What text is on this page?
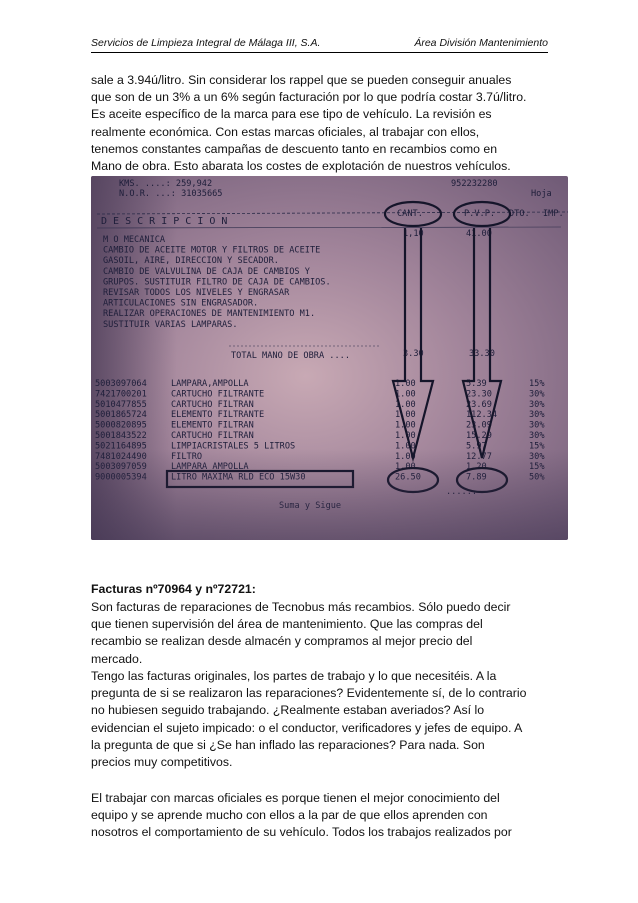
Servicios de Limpieza Integral de Málaga III, S.A.	Área División Mantenimiento
sale a 3.94ú/litro. Sin considerar los rappel que se pueden conseguir anuales
que son de un 3% a un 6% según facturación por lo que podría costar 3.7ú/litro.
Es aceite específico de la marca para ese tipo de vehículo. La revisión es
realmente económica. Con estas marcas oficiales, al trabajar con ellos,
tenemos constantes campañas de descuento tanto en recambios como en
Mano de obra. Esto abarata los costes de explotación de nuestros vehículos.

Facturas nº70964 y nº72721:

Son facturas de reparaciones de Tecnobus más recambios. Sólo puedo decir
que tienen supervisión del área de mantenimiento. Que las compras del
recambio se realizan desde almacén y compramos al mejor precio del
mercado.
Tengo las facturas originales, los partes de trabajo y lo que necesitéis. A la
pregunta de si se realizaron las reparaciones? Evidentemente sí, de lo contrario
no hubiesen seguido trabajando. ¿Realmente estaban averiados? Así lo
evidencian el sujeto impicado: o el conductor, verificadores y jefes de equipo. A
la pregunta de que si ¿Se han inflado las reparaciones? Para nada. Son
precios muy competitivos.
El trabajar con marcas oficiales es porque tienen el mejor conocimiento del
equipo y se aprende mucho con ellos a la par de que ellos aprenden con
nosotros el comportamiento de su vehículo. Todos los trabajos realizados por
